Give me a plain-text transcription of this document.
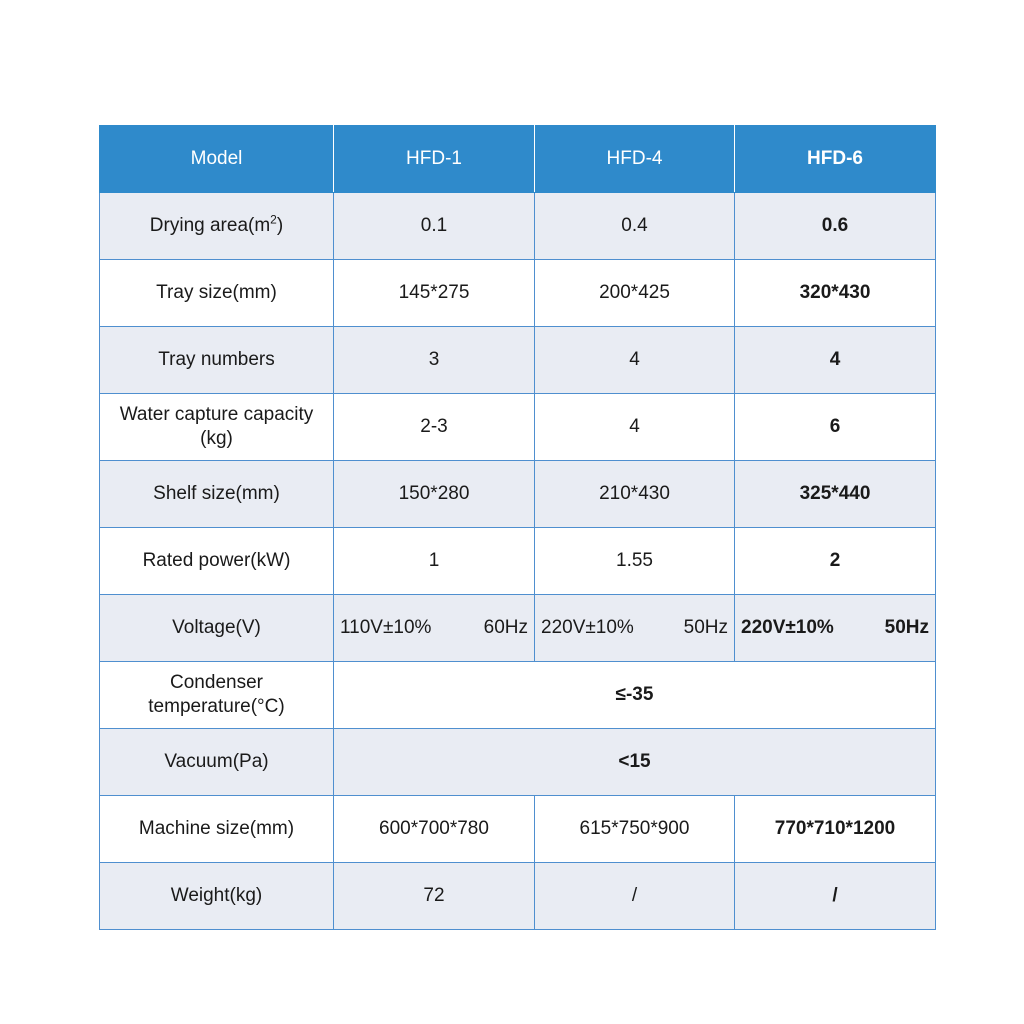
Model	HFD-1	HFD-4	HFD-6
Drying $area(m^2)$	0.1	0.4	0.6
Tray size(mm)	145*275	200*425	320*430
Tray numbers	3	4	4
Water capture capacity (kg)	2-3	4	6
Shelf size(mm)	150*280	210*430	325*440
Rated power(kW)	1	1.55	2
Voltage(V)	110V±10% 60Hz	220V±10% 50Hz	220V±10% 50Hz

Condenser temperature(°C)	≤-35		
Vacuum(Pa)	<15		
Machine size(mm)	600*700*780	615*750*900	770*710*1200
Weight(kg)	72	/	/
